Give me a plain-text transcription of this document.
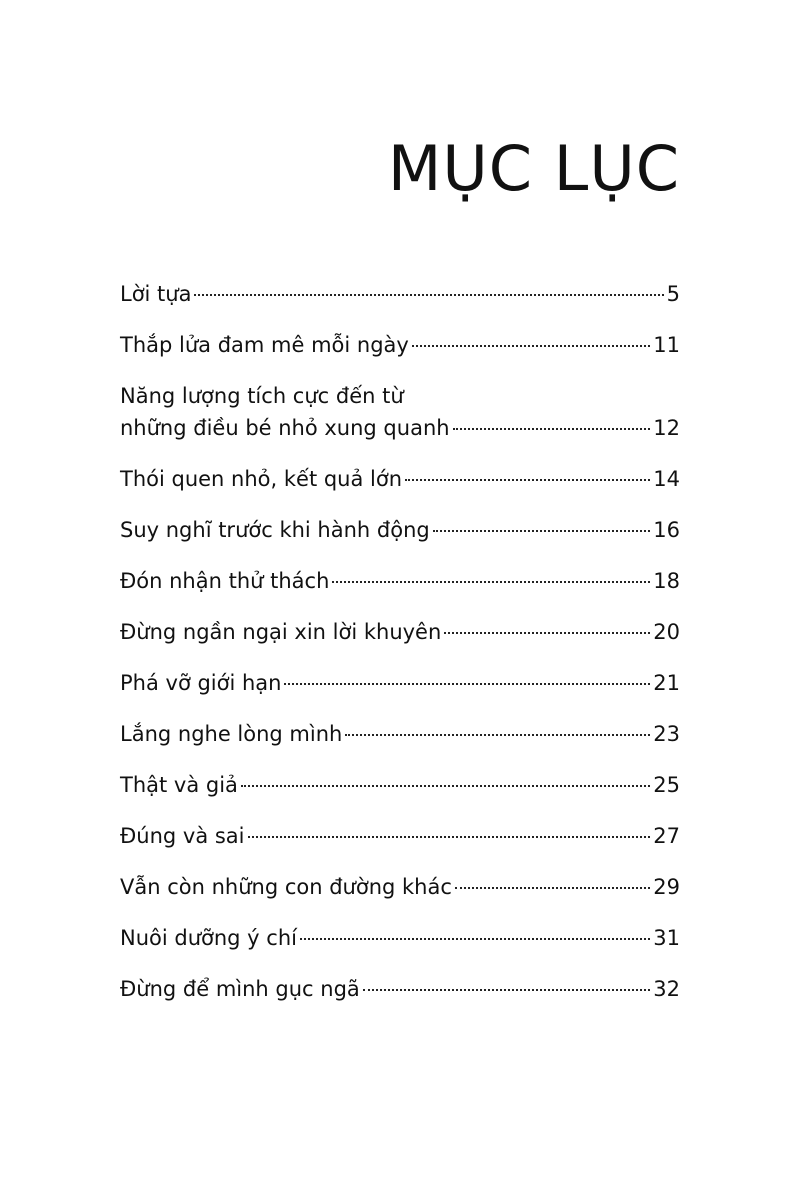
MỤC LỤC
Lời tựa	5
Thắp lửa đam mê mỗi ngày	11
Năng lượng tích cực đến từ
những điều bé nhỏ xung quanh	12
Thói quen nhỏ, kết quả lớn	14
Suy nghĩ trước khi hành động	16
Đón nhận thử thách	18
Đừng ngần ngại xin lời khuyên	20
Phá vỡ giới hạn	21
Lắng nghe lòng mình	23
Thật và giả	25
Đúng và sai	27
Vẫn còn những con đường khác	29
Nuôi dưỡng ý chí	31
Đừng để mình gục ngã	32
